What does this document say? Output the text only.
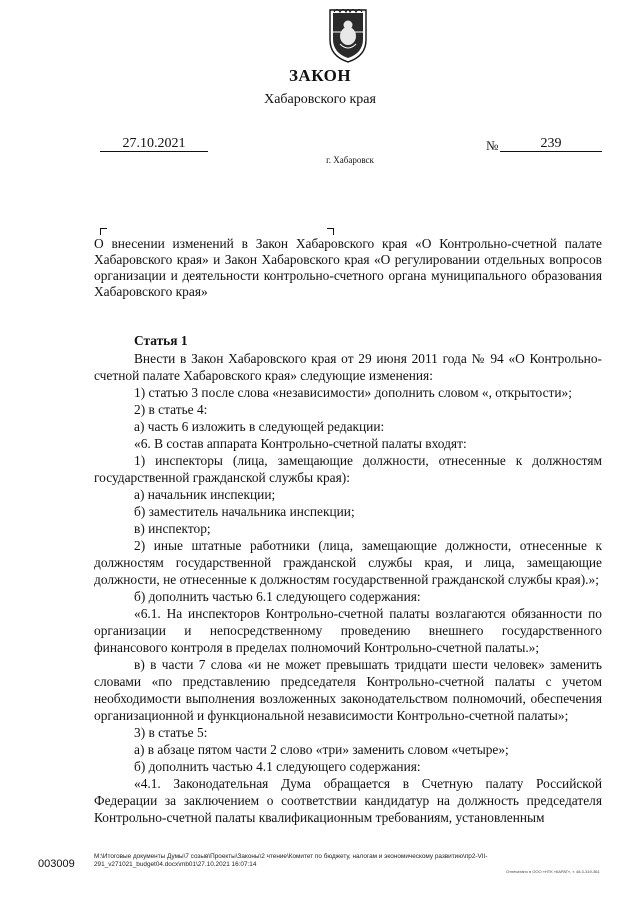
ЗАКОН
Хабаровского края
27.10.2021	№	239
г. Хабаровск
О внесении изменений в Закон Хабаровского края «О Контрольно-счетной палате Хабаровского края» и Закон Хабаровского края «О регулировании отдельных вопросов организации и деятельности контрольно-счетного органа муниципального образования Хабаровского края»

Статья 1

Внести в Закон Хабаровского края от 29 июня 2011 года № 94 «О Контрольно-счетной палате Хабаровского края» следующие изменения:

1) статью 3 после слова «независимости» дополнить словом «, открытости»;

2) в статье 4:

а) часть 6 изложить в следующей редакции:

«6. В состав аппарата Контрольно-счетной палаты входят:

1) инспекторы (лица, замещающие должности, отнесенные к должностям государственной гражданской службы края):

а) начальник инспекции;

б) заместитель начальника инспекции;

в) инспектор;

2) иные штатные работники (лица, замещающие должности, отнесенные к должностям государственной гражданской службы края, и лица, замещающие должности, не отнесенные к должностям государственной гражданской службы края).»;

б) дополнить частью 6.1 следующего содержания:

«6.1. На инспекторов Контрольно-счетной палаты возлагаются обязанности по организации и непосредственному проведению внешнего государственного финансового контроля в пределах полномочий Контрольно-счетной палаты.»;

в) в части 7 слова «и не может превышать тридцати шести человек» заменить словами «по представлению председателя Контрольно-счетной палаты с учетом необходимости выполнения возложенных законодательством полномочий, обеспечения организационной и функциональной независимости Контрольно-счетной палаты»;

3) в статье 5:

а) в абзаце пятом части 2 слово «три» заменить словом «четыре»;

б) дополнить частью 4.1 следующего содержания:

«4.1. Законодательная Дума обращается в Счетную палату Российской Федерации за заключением о соответствии кандидатур на должность председателя Контрольно-счетной палаты квалификационным требованиям, установленным

003009
M:\Итоговые документы Думы\7 созыв\Проекты\Законы\2 чтение\Комитет по бюджету, налогам и экономическому развитию\пр2-VII-291_v271021_budget04.docx\mb01\27.10.2021 16:07:14
Отпечатано в ООО «НТК «КАРАТ», т. 48.3-319-361
